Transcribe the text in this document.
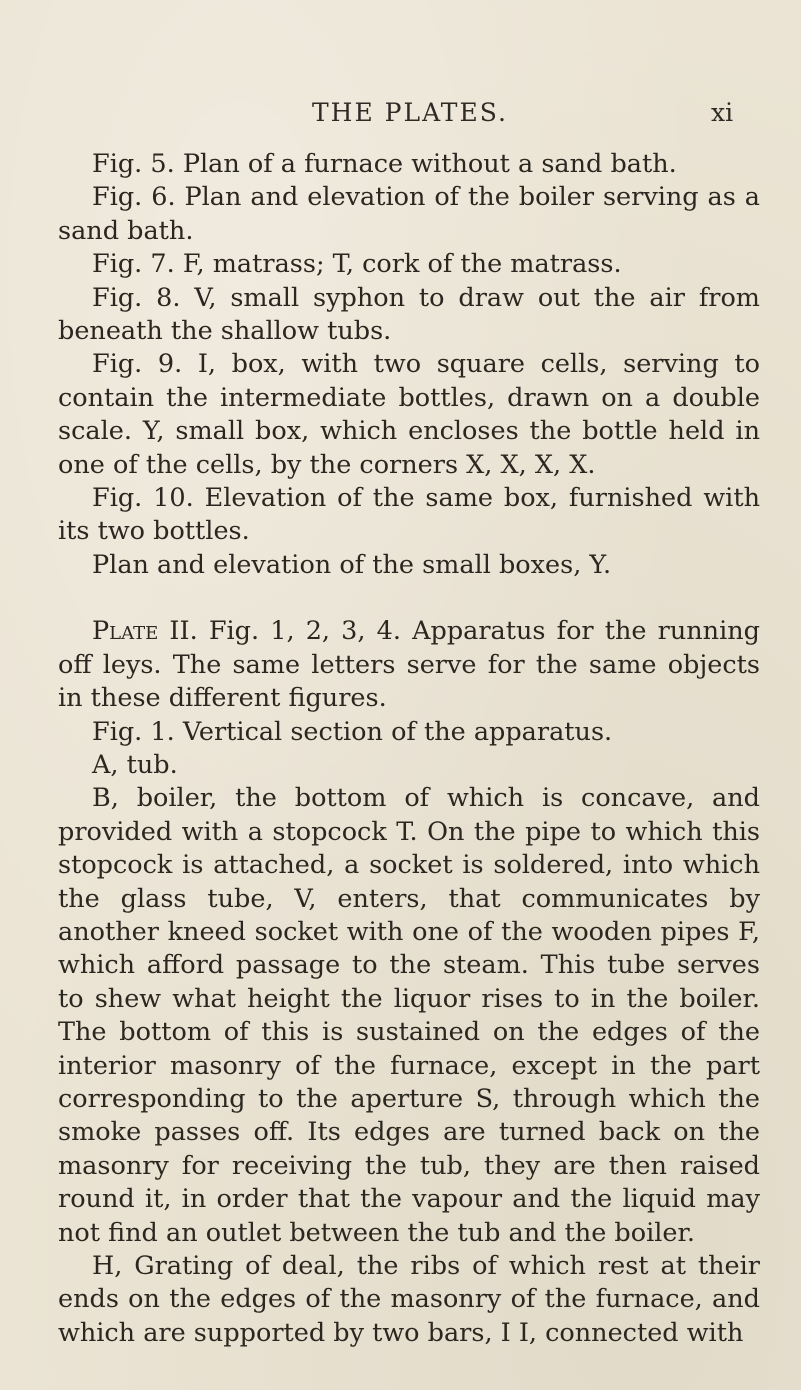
THE PLATES.	xi

Fig. 5. Plan of a furnace without a sand bath.

Fig. 6. Plan and elevation of the boiler serving as a sand bath.

Fig. 7. F, matrass; T, cork of the matrass.

Fig. 8. V, small syphon to draw out the air from beneath the shallow tubs.

Fig. 9. I, box, with two square cells, serving to contain the intermediate bottles, drawn on a double scale. Y, small box, which encloses the bottle held in one of the cells, by the corners X, X, X, X.

Fig. 10. Elevation of the same box, furnished with its two bottles.

Plan and elevation of the small boxes, Y.

Plate II. Fig. 1, 2, 3, 4. Apparatus for the running off leys. The same letters serve for the same objects in these different figures.

Fig. 1. Vertical section of the apparatus.

A, tub.

B, boiler, the bottom of which is concave, and provided with a stopcock T. On the pipe to which this stopcock is attached, a socket is soldered, into which the glass tube, V, enters, that communicates by another kneed socket with one of the wooden pipes F, which afford passage to the steam. This tube serves to shew what height the liquor rises to in the boiler. The bottom of this is sustained on the edges of the interior masonry of the furnace, except in the part corresponding to the aperture S, through which the smoke passes off. Its edges are turned back on the masonry for receiving the tub, they are then raised round it, in order that the vapour and the liquid may not find an outlet between the tub and the boiler.

H, Grating of deal, the ribs of which rest at their ends on the edges of the masonry of the furnace, and which are supported by two bars, I I, connected with
